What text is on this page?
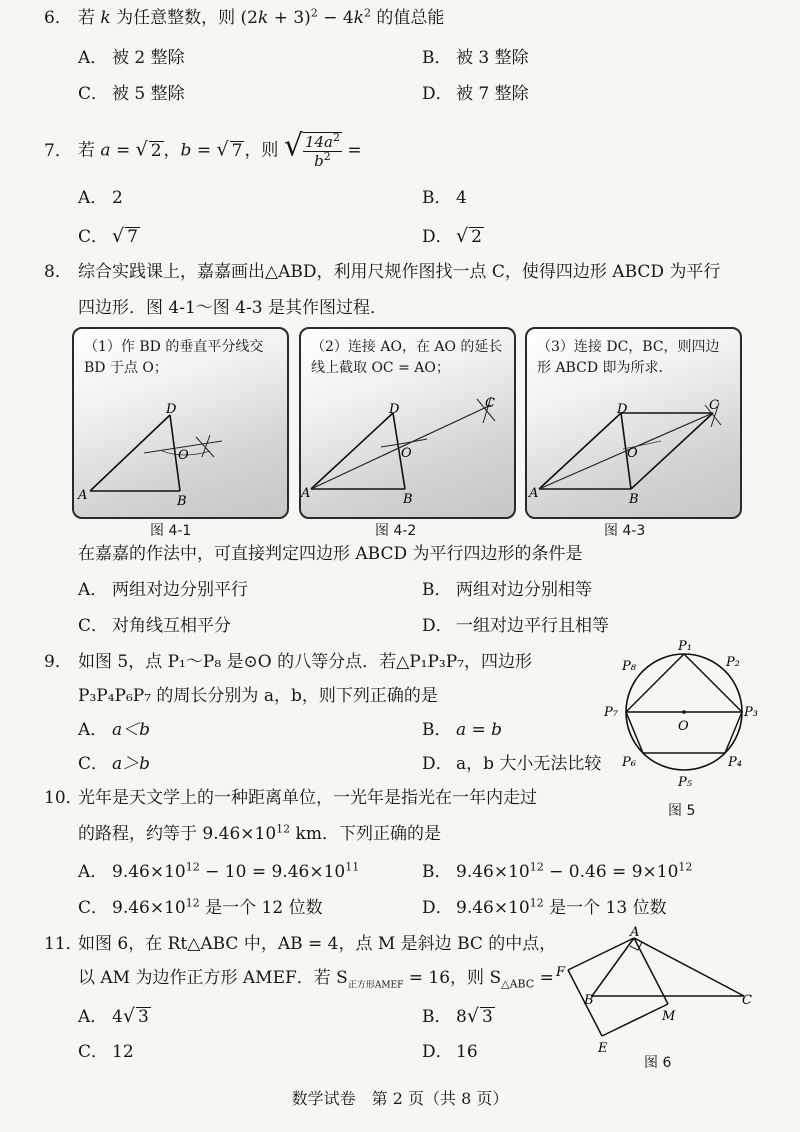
6． 若 k 为任意整数，则 $(2k + 3)^2 - 4k^2$ 的值总能
A． 被 2 整除	B． 被 3 整除
C． 被 5 整除	D． 被 7 整除
7． 若 a = √ 2 ，b = √ 7 ，则 √ $\frac{14a^2}{b^2}$ =
A． 2	B． 4
C． √ 7	D． √ 2
8． 综合实践课上，嘉嘉画出△ABD，利用尺规作图找一点 C，使得四边形 ABCD 为平行
四边形．图 4-1～图 4-3 是其作图过程．
A	B
D
O
（1）作 BD 的垂直平分线交 BD 于点 O；
A	B
D
O
C
（2）连接 AO，在 AO 的延长线上截取 OC = AO；
A	B
D
O
C
（3）连接 DC，BC，则四边形 ABCD 即为所求．
图 4-1	图 4-2	图 4-3
在嘉嘉的作法中，可直接判定四边形 ABCD 为平行四边形的条件是
A． 两组对边分别平行	B． 两组对边分别相等
C． 对角线互相平分	D． 一组对边平行且相等
9． 如图 5，点 P₁～P₈ 是⊙O 的八等分点．若△P₁P₃P₇，四边形
P₃P₄P₆P₇ 的周长分别为 a，b，则下列正确的是
A． a＜b	B． a = b
C． a＞b	D． a，b 大小无法比较
P₁
P₂
P₃
P₄
P₅
P₆
P₇
P₈
O
图 5
10．光年是天文学上的一种距离单位，一光年是指光在一年内走过
的路程，约等于 $9.46\times 10^{12}$ km．下列正确的是
A． $9.46\times 10^{12} - 10 = 9.46\times 10^{11}$	B． $9.46\times 10^{12} - 0.46 = 9\times 10^{12}$
C． $9.46\times 10^{12}$ 是一个 12 位数	D． $9.46\times 10^{12}$ 是一个 13 位数
11．如图 6，在 Rt△ABC 中，AB = 4，点 M 是斜边 BC 的中点，
以 AM 为边作正方形 AMEF．若 $S_{正方形AMEF} = 16$，则 $S_{\triangle ABC}$ =
A． 4√ 3	B． 8√ 3
C． 12	D． 16
A
B	C
M
E
F
图 6
数学试卷　第 2 页（共 8 页）
